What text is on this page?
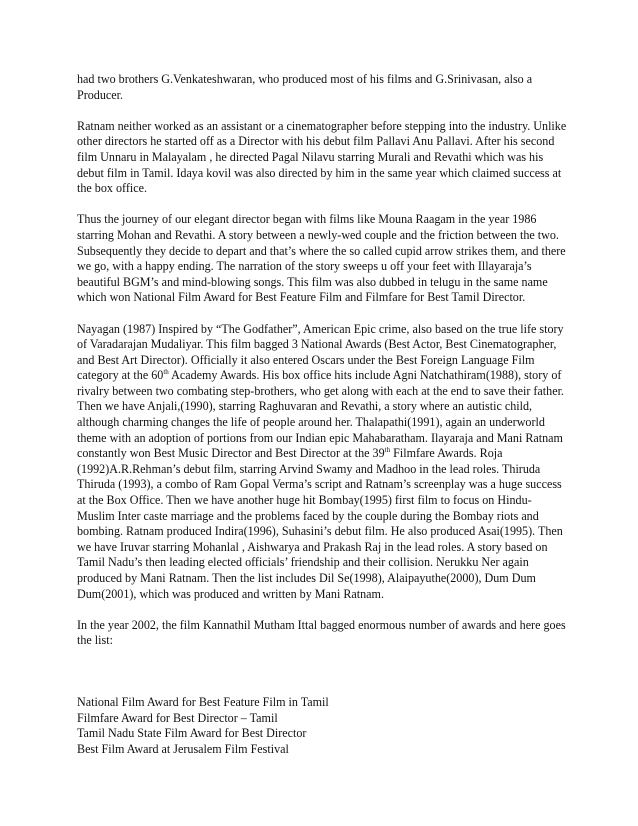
had two brothers G.Venkateshwaran, who produced most of his films and G.Srinivasan, also a Producer.

Ratnam neither worked as an assistant or a cinematographer before stepping into the industry. Unlike other directors he started off as a Director with his debut film Pallavi Anu Pallavi. After his second film Unnaru in Malayalam , he directed Pagal Nilavu starring Murali and Revathi which was his debut film in Tamil. Idaya kovil was also directed by him in the same year which claimed success at the box office.

Thus the journey of our elegant director began with films like Mouna Raagam in the year 1986 starring Mohan and Revathi. A story between a newly-wed couple and the friction between the two. Subsequently they decide to depart and that’s where the so called cupid arrow strikes them, and there we go, with a happy ending. The narration of the story sweeps u off your feet with Illayaraja’s beautiful BGM’s and mind-blowing songs. This film was also dubbed in telugu in the same name which won National Film Award for Best Feature Film and Filmfare for Best Tamil Director.

Nayagan (1987) Inspired by “The Godfather”, American Epic crime, also based on the true life story of Varadarajan Mudaliyar. This film bagged 3 National Awards (Best Actor, Best Cinematographer, and Best Art Director). Officially it also entered Oscars under the Best Foreign Language Film category at the 60th Academy Awards. His box office hits include Agni Natchathiram(1988), story of rivalry between two combating step-brothers, who get along with each at the end to save their father. Then we have Anjali,(1990), starring Raghuvaran and Revathi, a story where an autistic child, although charming changes the life of people around her. Thalapathi(1991), again an underworld theme with an adoption of portions from our Indian epic Mahabaratham. Ilayaraja and Mani Ratnam constantly won Best Music Director and Best Director at the 39th Filmfare Awards. Roja (1992)A.R.Rehman’s debut film, starring Arvind Swamy and Madhoo in the lead roles. Thiruda Thiruda (1993), a combo of Ram Gopal Verma’s script and Ratnam’s screenplay was a huge success at the Box Office. Then we have another huge hit Bombay(1995) first film to focus on Hindu-Muslim Inter caste marriage and the problems faced by the couple during the Bombay riots and bombing. Ratnam produced Indira(1996), Suhasini’s debut film. He also produced Asai(1995). Then we have Iruvar starring Mohanlal , Aishwarya and Prakash Raj in the lead roles. A story based on Tamil Nadu’s then leading elected officials’ friendship and their collision. Nerukku Ner again produced by Mani Ratnam. Then the list includes Dil Se(1998), Alaipayuthe(2000), Dum Dum Dum(2001), which was produced and written by Mani Ratnam.

In the year 2002, the film Kannathil Mutham Ittal bagged enormous number of awards and here goes the list:

National Film Award for Best Feature Film in Tamil
Filmfare Award for Best Director – Tamil
Tamil Nadu State Film Award for Best Director
Best Film Award at Jerusalem Film Festival
